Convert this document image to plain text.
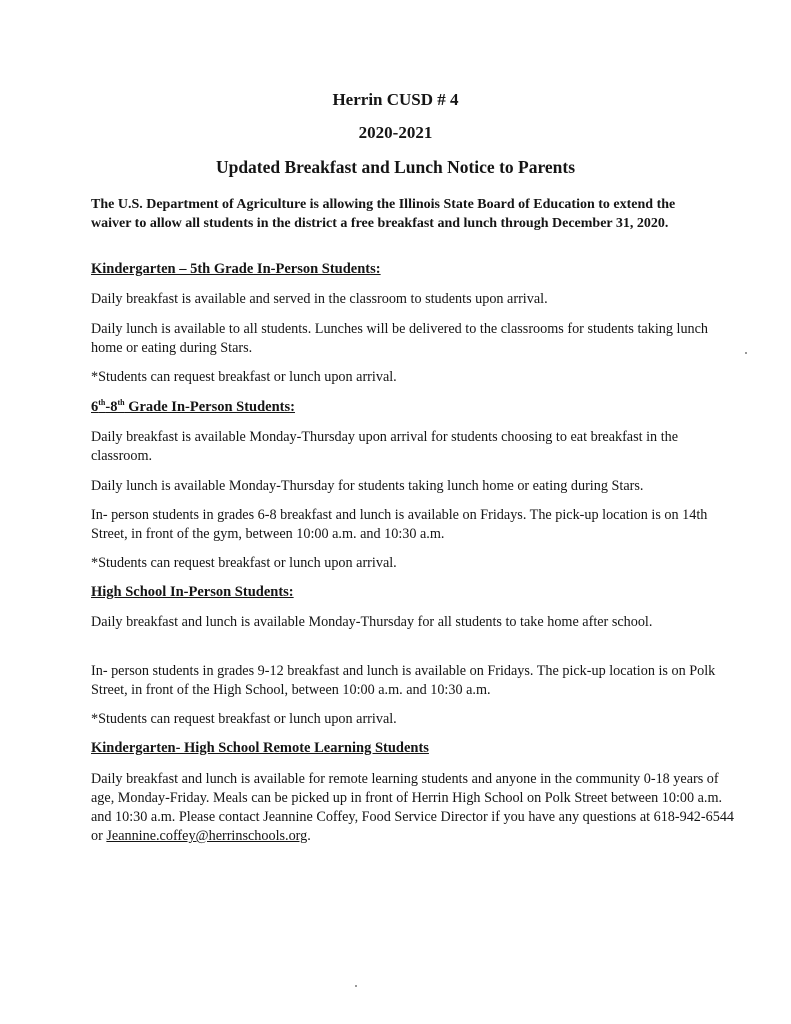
Herrin CUSD # 4
2020-2021
Updated Breakfast and Lunch Notice to Parents
The U.S. Department of Agriculture is allowing the Illinois State Board of Education to extend the waiver to allow all students in the district a free breakfast and lunch through December 31, 2020.
Kindergarten – 5th Grade In-Person Students:
Daily breakfast is available and served in the classroom to students upon arrival.
Daily lunch is available to all students. Lunches will be delivered to the classrooms for students taking lunch home or eating during Stars.
*Students can request breakfast or lunch upon arrival.
6th-8th Grade In-Person Students:
Daily breakfast is available Monday-Thursday upon arrival for students choosing to eat breakfast in the classroom.
Daily lunch is available Monday-Thursday for students taking lunch home or eating during Stars.
In- person students in grades 6-8 breakfast and lunch is available on Fridays. The pick-up location is on 14th Street, in front of the gym, between 10:00 a.m. and 10:30 a.m.
*Students can request breakfast or lunch upon arrival.
High School In-Person Students:
Daily breakfast and lunch is available Monday-Thursday for all students to take home after school.
In- person students in grades 9-12 breakfast and lunch is available on Fridays. The pick-up location is on Polk Street, in front of the High School, between 10:00 a.m. and 10:30 a.m.
*Students can request breakfast or lunch upon arrival.
Kindergarten- High School Remote Learning Students
Daily breakfast and lunch is available for remote learning students and anyone in the community 0-18 years of age, Monday-Friday. Meals can be picked up in front of Herrin High School on Polk Street between 10:00 a.m. and 10:30 a.m. Please contact Jeannine Coffey, Food Service Director if you have any questions at 618-942-6544 or Jeannine.coffey@herrinschools.org.
